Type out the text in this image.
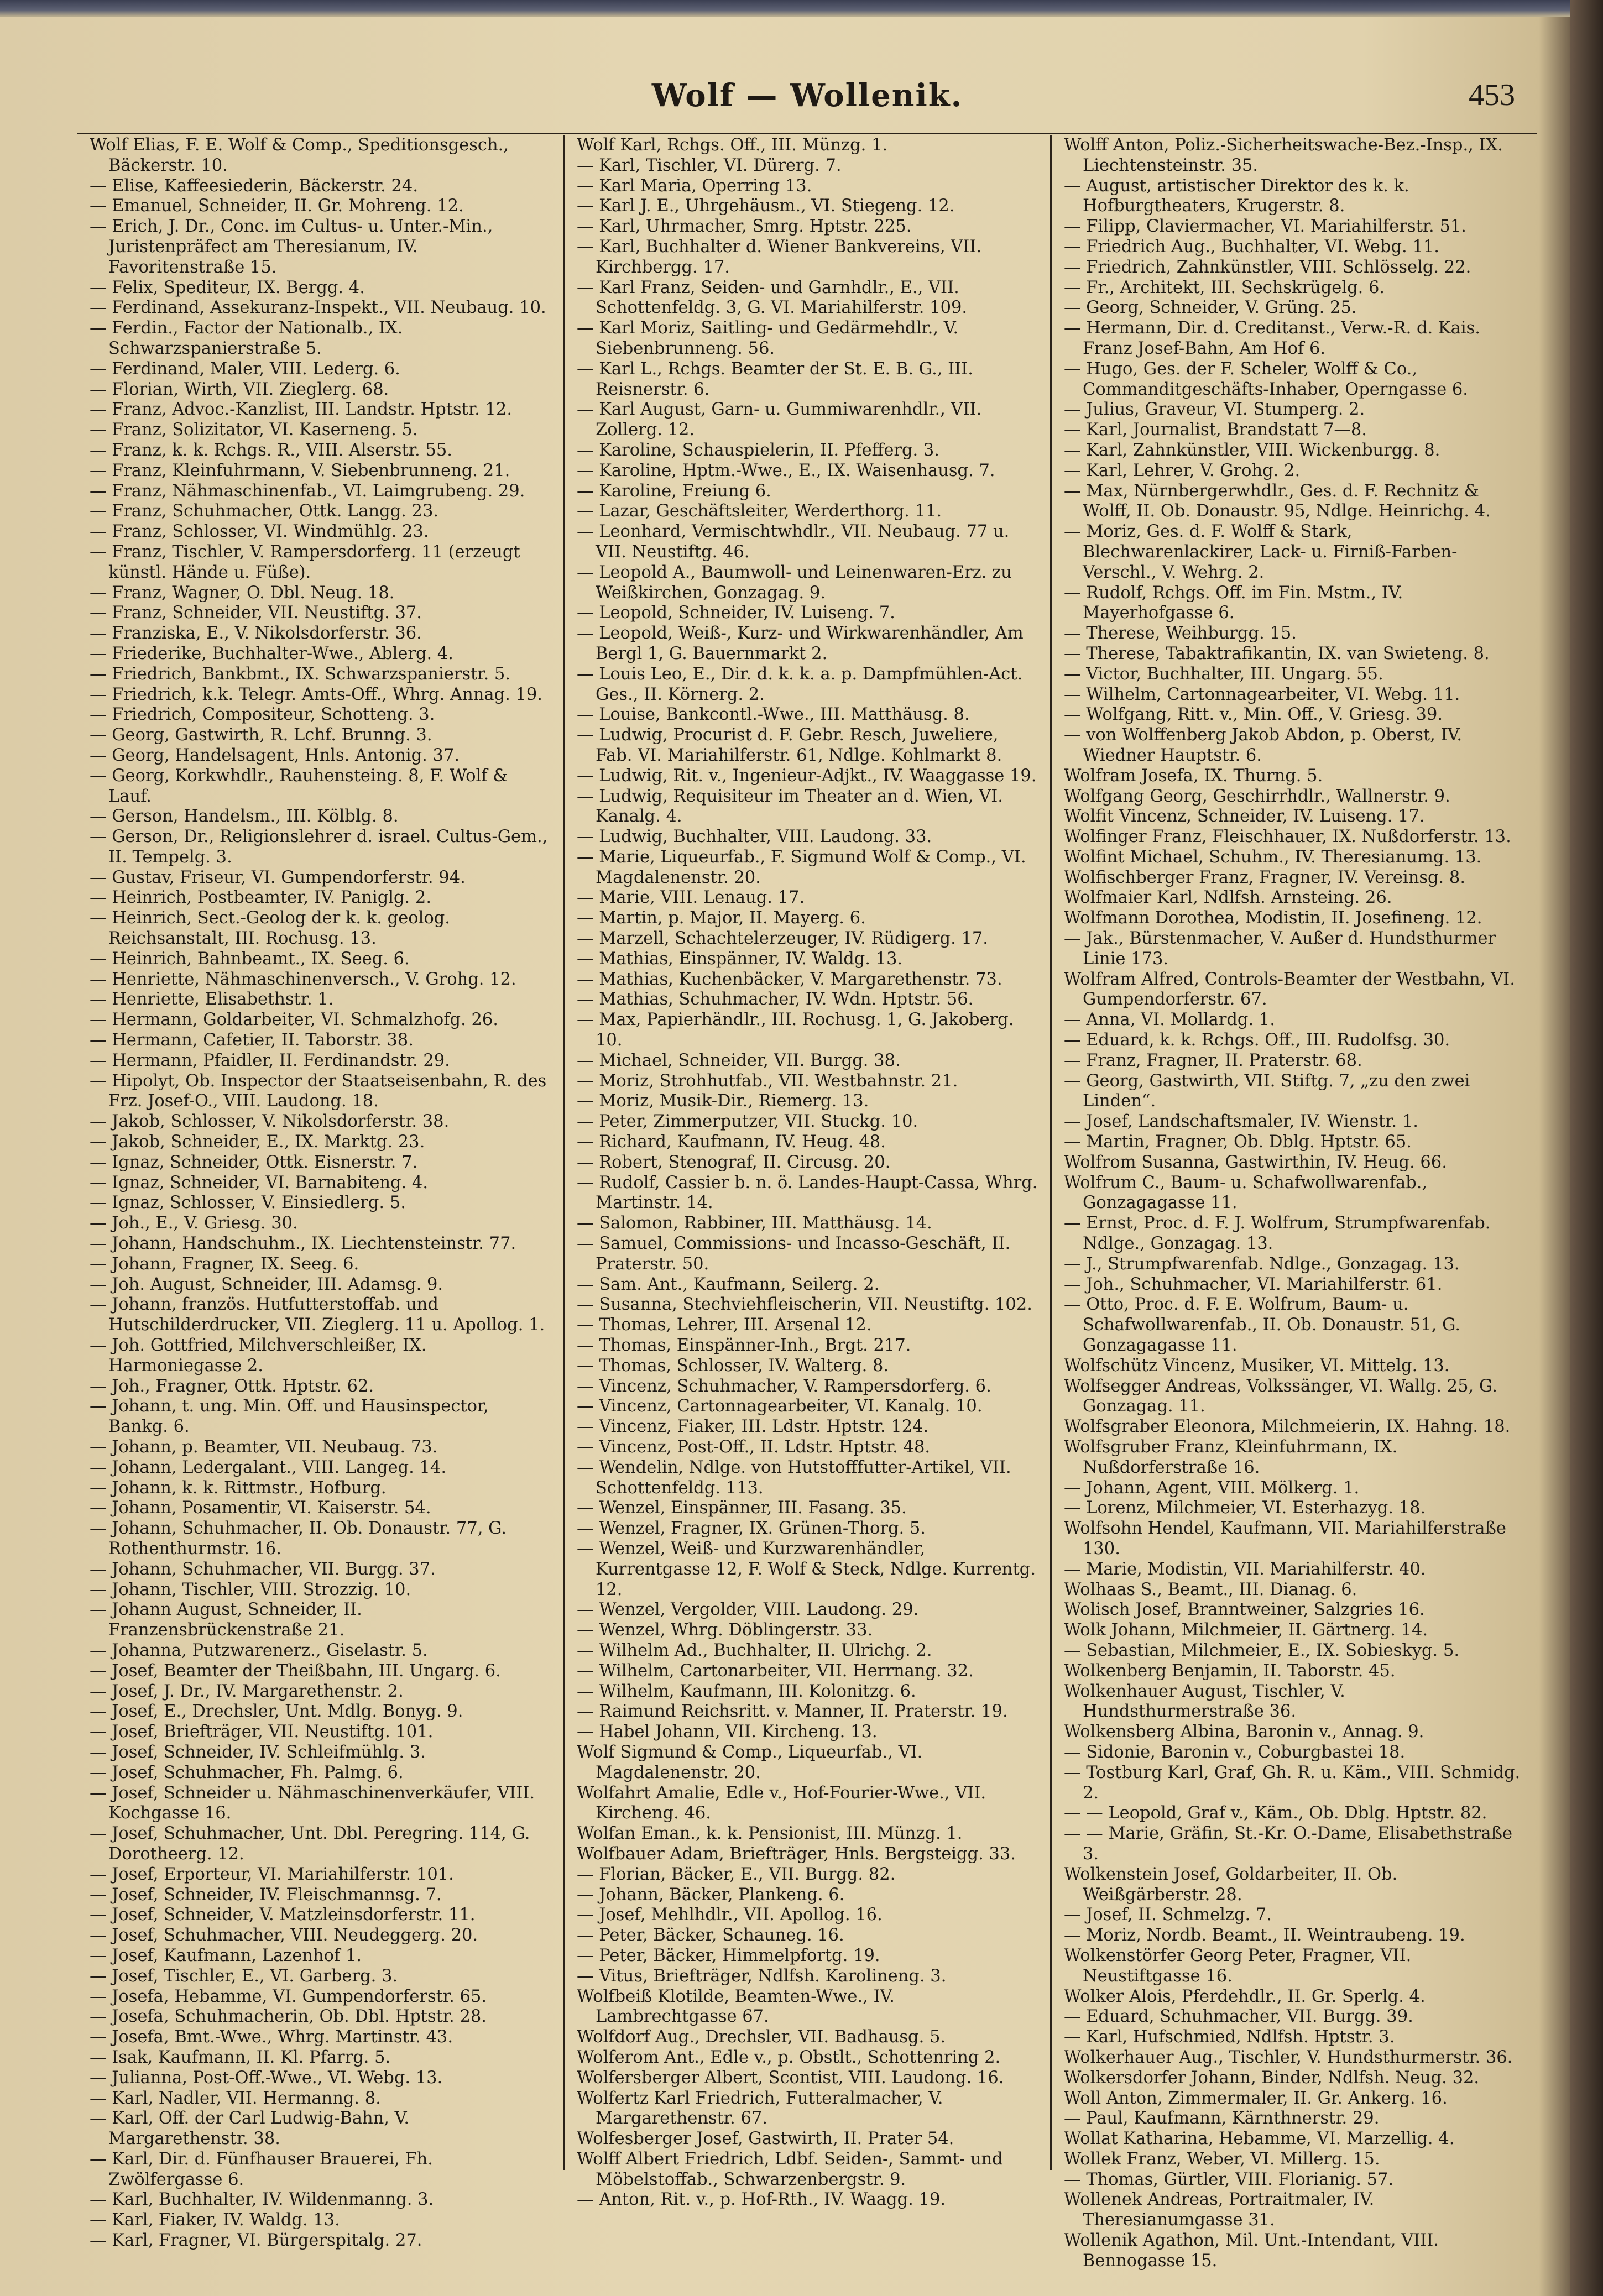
Wolf — Wollenik.	453
Wolf Elias, F. E. Wolf & Comp., Speditionsgesch., Bäckerstr. 10.
— Elise, Kaffeesiederin, Bäckerstr. 24.
— Emanuel, Schneider, II. Gr. Mohreng. 12.
— Erich, J. Dr., Conc. im Cultus- u. Unter.-Min., Juristenpräfect am Theresianum, IV. Favoritenstraße 15.
— Felix, Spediteur, IX. Bergg. 4.
— Ferdinand, Assekuranz-Inspekt., VII. Neubaug. 10.
— Ferdin., Factor der Nationalb., IX. Schwarzspanierstraße 5.
— Ferdinand, Maler, VIII. Lederg. 6.
— Florian, Wirth, VII. Zieglerg. 68.
— Franz, Advoc.-Kanzlist, III. Landstr. Hptstr. 12.
— Franz, Solizitator, VI. Kaserneng. 5.
— Franz, k. k. Rchgs. R., VIII. Alserstr. 55.
— Franz, Kleinfuhrmann, V. Siebenbrunneng. 21.
— Franz, Nähmaschinenfab., VI. Laimgrubeng. 29.
— Franz, Schuhmacher, Ottk. Langg. 23.
— Franz, Schlosser, VI. Windmühlg. 23.
— Franz, Tischler, V. Rampersdorferg. 11 (erzeugt künstl. Hände u. Füße).
— Franz, Wagner, O. Dbl. Neug. 18.
— Franz, Schneider, VII. Neustiftg. 37.
— Franziska, E., V. Nikolsdorferstr. 36.
— Friederike, Buchhalter-Wwe., Ablerg. 4.
— Friedrich, Bankbmt., IX. Schwarzspanierstr. 5.
— Friedrich, k.k. Telegr. Amts-Off., Whrg. Annag. 19.
— Friedrich, Compositeur, Schotteng. 3.
— Georg, Gastwirth, R. Lchf. Brunng. 3.
— Georg, Handelsagent, Hnls. Antonig. 37.
— Georg, Korkwhdlr., Rauhensteing. 8, F. Wolf & Lauf.
— Gerson, Handelsm., III. Kölblg. 8.
— Gerson, Dr., Religionslehrer d. israel. Cultus-Gem., II. Tempelg. 3.
— Gustav, Friseur, VI. Gumpendorferstr. 94.
— Heinrich, Postbeamter, IV. Paniglg. 2.
— Heinrich, Sect.-Geolog der k. k. geolog. Reichsanstalt, III. Rochusg. 13.
— Heinrich, Bahnbeamt., IX. Seeg. 6.
— Henriette, Nähmaschinenversch., V. Grohg. 12.
— Henriette, Elisabethstr. 1.
— Hermann, Goldarbeiter, VI. Schmalzhofg. 26.
— Hermann, Cafetier, II. Taborstr. 38.
— Hermann, Pfaidler, II. Ferdinandstr. 29.
— Hipolyt, Ob. Inspector der Staatseisenbahn, R. des Frz. Josef-O., VIII. Laudong. 18.
— Jakob, Schlosser, V. Nikolsdorferstr. 38.
— Jakob, Schneider, E., IX. Marktg. 23.
— Ignaz, Schneider, Ottk. Eisnerstr. 7.
— Ignaz, Schneider, VI. Barnabiteng. 4.
— Ignaz, Schlosser, V. Einsiedlerg. 5.
— Joh., E., V. Griesg. 30.
— Johann, Handschuhm., IX. Liechtensteinstr. 77.
— Johann, Fragner, IX. Seeg. 6.
— Joh. August, Schneider, III. Adamsg. 9.
— Johann, französ. Hutfutterstoffab. und Hutschilderdrucker, VII. Zieglerg. 11 u. Apollog. 1.
— Joh. Gottfried, Milchverschleißer, IX. Harmoniegasse 2.
— Joh., Fragner, Ottk. Hptstr. 62.
— Johann, t. ung. Min. Off. und Hausinspector, Bankg. 6.
— Johann, p. Beamter, VII. Neubaug. 73.
— Johann, Ledergalant., VIII. Langeg. 14.
— Johann, k. k. Rittmstr., Hofburg.
— Johann, Posamentir, VI. Kaiserstr. 54.
— Johann, Schuhmacher, II. Ob. Donaustr. 77, G. Rothenthurmstr. 16.
— Johann, Schuhmacher, VII. Burgg. 37.
— Johann, Tischler, VIII. Strozzig. 10.
— Johann August, Schneider, II. Franzensbrückenstraße 21.
— Johanna, Putzwarenerz., Giselastr. 5.
— Josef, Beamter der Theißbahn, III. Ungarg. 6.
— Josef, J. Dr., IV. Margarethenstr. 2.
— Josef, E., Drechsler, Unt. Mdlg. Bonyg. 9.
— Josef, Briefträger, VII. Neustiftg. 101.
— Josef, Schneider, IV. Schleifmühlg. 3.
— Josef, Schuhmacher, Fh. Palmg. 6.
— Josef, Schneider u. Nähmaschinenverkäufer, VIII. Kochgasse 16.
— Josef, Schuhmacher, Unt. Dbl. Peregring. 114, G. Dorotheerg. 12.
— Josef, Erporteur, VI. Mariahilferstr. 101.
— Josef, Schneider, IV. Fleischmannsg. 7.
— Josef, Schneider, V. Matzleinsdorferstr. 11.
— Josef, Schuhmacher, VIII. Neudeggerg. 20.
— Josef, Kaufmann, Lazenhof 1.
— Josef, Tischler, E., VI. Garberg. 3.
— Josefa, Hebamme, VI. Gumpendorferstr. 65.
— Josefa, Schuhmacherin, Ob. Dbl. Hptstr. 28.
— Josefa, Bmt.-Wwe., Whrg. Martinstr. 43.
— Isak, Kaufmann, II. Kl. Pfarrg. 5.
— Julianna, Post-Off.-Wwe., VI. Webg. 13.
— Karl, Nadler, VII. Hermanng. 8.
— Karl, Off. der Carl Ludwig-Bahn, V. Margarethenstr. 38.
— Karl, Dir. d. Fünfhauser Brauerei, Fh. Zwölfergasse 6.
— Karl, Buchhalter, IV. Wildenmanng. 3.
— Karl, Fiaker, IV. Waldg. 13.
— Karl, Fragner, VI. Bürgerspitalg. 27.
Wolf Karl, Rchgs. Off., III. Münzg. 1.
— Karl, Tischler, VI. Dürerg. 7.
— Karl Maria, Operring 13.
— Karl J. E., Uhrgehäusm., VI. Stiegeng. 12.
— Karl, Uhrmacher, Smrg. Hptstr. 225.
— Karl, Buchhalter d. Wiener Bankvereins, VII. Kirchbergg. 17.
— Karl Franz, Seiden- und Garnhdlr., E., VII. Schottenfeldg. 3, G. VI. Mariahilferstr. 109.
— Karl Moriz, Saitling- und Gedärmehdlr., V. Siebenbrunneng. 56.
— Karl L., Rchgs. Beamter der St. E. B. G., III. Reisnerstr. 6.
— Karl August, Garn- u. Gummiwarenhdlr., VII. Zollerg. 12.
— Karoline, Schauspielerin, II. Pfefferg. 3.
— Karoline, Hptm.-Wwe., E., IX. Waisenhausg. 7.
— Karoline, Freiung 6.
— Lazar, Geschäftsleiter, Werderthorg. 11.
— Leonhard, Vermischtwhdlr., VII. Neubaug. 77 u. VII. Neustiftg. 46.
— Leopold A., Baumwoll- und Leinenwaren-Erz. zu Weißkirchen, Gonzagag. 9.
— Leopold, Schneider, IV. Luiseng. 7.
— Leopold, Weiß-, Kurz- und Wirkwarenhändler, Am Bergl 1, G. Bauernmarkt 2.
— Louis Leo, E., Dir. d. k. k. a. p. Dampfmühlen-Act. Ges., II. Körnerg. 2.
— Louise, Bankcontl.-Wwe., III. Matthäusg. 8.
— Ludwig, Procurist d. F. Gebr. Resch, Juweliere, Fab. VI. Mariahilferstr. 61, Ndlge. Kohlmarkt 8.
— Ludwig, Rit. v., Ingenieur-Adjkt., IV. Waaggasse 19.
— Ludwig, Requisiteur im Theater an d. Wien, VI. Kanalg. 4.
— Ludwig, Buchhalter, VIII. Laudong. 33.
— Marie, Liqueurfab., F. Sigmund Wolf & Comp., VI. Magdalenenstr. 20.
— Marie, VIII. Lenaug. 17.
— Martin, p. Major, II. Mayerg. 6.
— Marzell, Schachtelerzeuger, IV. Rüdigerg. 17.
— Mathias, Einspänner, IV. Waldg. 13.
— Mathias, Kuchenbäcker, V. Margarethenstr. 73.
— Mathias, Schuhmacher, IV. Wdn. Hptstr. 56.
— Max, Papierhändlr., III. Rochusg. 1, G. Jakoberg. 10.
— Michael, Schneider, VII. Burgg. 38.
— Moriz, Strohhutfab., VII. Westbahnstr. 21.
— Moriz, Musik-Dir., Riemerg. 13.
— Peter, Zimmerputzer, VII. Stuckg. 10.
— Richard, Kaufmann, IV. Heug. 48.
— Robert, Stenograf, II. Circusg. 20.
— Rudolf, Cassier b. n. ö. Landes-Haupt-Cassa, Whrg. Martinstr. 14.
— Salomon, Rabbiner, III. Matthäusg. 14.
— Samuel, Commissions- und Incasso-Geschäft, II. Praterstr. 50.
— Sam. Ant., Kaufmann, Seilerg. 2.
— Susanna, Stechviehfleischerin, VII. Neustiftg. 102.
— Thomas, Lehrer, III. Arsenal 12.
— Thomas, Einspänner-Inh., Brgt. 217.
— Thomas, Schlosser, IV. Walterg. 8.
— Vincenz, Schuhmacher, V. Rampersdorferg. 6.
— Vincenz, Cartonnagearbeiter, VI. Kanalg. 10.
— Vincenz, Fiaker, III. Ldstr. Hptstr. 124.
— Vincenz, Post-Off., II. Ldstr. Hptstr. 48.
— Wendelin, Ndlge. von Hutstofffutter-Artikel, VII. Schottenfeldg. 113.
— Wenzel, Einspänner, III. Fasang. 35.
— Wenzel, Fragner, IX. Grünen-Thorg. 5.
— Wenzel, Weiß- und Kurzwarenhändler, Kurrentgasse 12, F. Wolf & Steck, Ndlge. Kurrentg. 12.
— Wenzel, Vergolder, VIII. Laudong. 29.
— Wenzel, Whrg. Döblingerstr. 33.
— Wilhelm Ad., Buchhalter, II. Ulrichg. 2.
— Wilhelm, Cartonarbeiter, VII. Herrnang. 32.
— Wilhelm, Kaufmann, III. Kolonitzg. 6.
— Raimund Reichsritt. v. Manner, II. Praterstr. 19.
— Habel Johann, VII. Kircheng. 13.
Wolf Sigmund & Comp., Liqueurfab., VI. Magdalenenstr. 20.
Wolfahrt Amalie, Edle v., Hof-Fourier-Wwe., VII. Kircheng. 46.
Wolfan Eman., k. k. Pensionist, III. Münzg. 1.
Wolfbauer Adam, Briefträger, Hnls. Bergsteigg. 33.
— Florian, Bäcker, E., VII. Burgg. 82.
— Johann, Bäcker, Plankeng. 6.
— Josef, Mehlhdlr., VII. Apollog. 16.
— Peter, Bäcker, Schauneg. 16.
— Peter, Bäcker, Himmelpfortg. 19.
— Vitus, Briefträger, Ndlfsh. Karolineng. 3.
Wolfbeiß Klotilde, Beamten-Wwe., IV. Lambrechtgasse 67.
Wolfdorf Aug., Drechsler, VII. Badhausg. 5.
Wolferom Ant., Edle v., p. Obstlt., Schottenring 2.
Wolfersberger Albert, Scontist, VIII. Laudong. 16.
Wolfertz Karl Friedrich, Futteralmacher, V. Margarethenstr. 67.
Wolfesberger Josef, Gastwirth, II. Prater 54.
Wolff Albert Friedrich, Ldbf. Seiden-, Sammt- und Möbelstoffab., Schwarzenbergstr. 9.
— Anton, Rit. v., p. Hof-Rth., IV. Waagg. 19.
Wolff Anton, Poliz.-Sicherheitswache-Bez.-Insp., IX. Liechtensteinstr. 35.
— August, artistischer Direktor des k. k. Hofburgtheaters, Krugerstr. 8.
— Filipp, Claviermacher, VI. Mariahilferstr. 51.
— Friedrich Aug., Buchhalter, VI. Webg. 11.
— Friedrich, Zahnkünstler, VIII. Schlösselg. 22.
— Fr., Architekt, III. Sechskrügelg. 6.
— Georg, Schneider, V. Grüng. 25.
— Hermann, Dir. d. Creditanst., Verw.-R. d. Kais. Franz Josef-Bahn, Am Hof 6.
— Hugo, Ges. der F. Scheler, Wolff & Co., Commanditgeschäfts-Inhaber, Operngasse 6.
— Julius, Graveur, VI. Stumperg. 2.
— Karl, Journalist, Brandstatt 7—8.
— Karl, Zahnkünstler, VIII. Wickenburgg. 8.
— Karl, Lehrer, V. Grohg. 2.
— Max, Nürnbergerwhdlr., Ges. d. F. Rechnitz & Wolff, II. Ob. Donaustr. 95, Ndlge. Heinrichg. 4.
— Moriz, Ges. d. F. Wolff & Stark, Blechwarenlackirer, Lack- u. Firniß-Farben-Verschl., V. Wehrg. 2.
— Rudolf, Rchgs. Off. im Fin. Mstm., IV. Mayerhofgasse 6.
— Therese, Weihburgg. 15.
— Therese, Tabaktrafikantin, IX. van Swieteng. 8.
— Victor, Buchhalter, III. Ungarg. 55.
— Wilhelm, Cartonnagearbeiter, VI. Webg. 11.
— Wolfgang, Ritt. v., Min. Off., V. Griesg. 39.
— von Wolffenberg Jakob Abdon, p. Oberst, IV. Wiedner Hauptstr. 6.
Wolfram Josefa, IX. Thurng. 5.
Wolfgang Georg, Geschirrhdlr., Wallnerstr. 9.
Wolfit Vincenz, Schneider, IV. Luiseng. 17.
Wolfinger Franz, Fleischhauer, IX. Nußdorferstr. 13.
Wolfint Michael, Schuhm., IV. Theresianumg. 13.
Wolfischberger Franz, Fragner, IV. Vereinsg. 8.
Wolfmaier Karl, Ndlfsh. Arnsteing. 26.
Wolfmann Dorothea, Modistin, II. Josefineng. 12.
— Jak., Bürstenmacher, V. Außer d. Hundsthurmer Linie 173.
Wolfram Alfred, Controls-Beamter der Westbahn, VI. Gumpendorferstr. 67.
— Anna, VI. Mollardg. 1.
— Eduard, k. k. Rchgs. Off., III. Rudolfsg. 30.
— Franz, Fragner, II. Praterstr. 68.
— Georg, Gastwirth, VII. Stiftg. 7, „zu den zwei Linden“.
— Josef, Landschaftsmaler, IV. Wienstr. 1.
— Martin, Fragner, Ob. Dblg. Hptstr. 65.
Wolfrom Susanna, Gastwirthin, IV. Heug. 66.
Wolfrum C., Baum- u. Schafwollwarenfab., Gonzagagasse 11.
— Ernst, Proc. d. F. J. Wolfrum, Strumpfwarenfab. Ndlge., Gonzagag. 13.
— J., Strumpfwarenfab. Ndlge., Gonzagag. 13.
— Joh., Schuhmacher, VI. Mariahilferstr. 61.
— Otto, Proc. d. F. E. Wolfrum, Baum- u. Schafwollwarenfab., II. Ob. Donaustr. 51, G. Gonzagagasse 11.
Wolfschütz Vincenz, Musiker, VI. Mittelg. 13.
Wolfsegger Andreas, Volkssänger, VI. Wallg. 25, G. Gonzagag. 11.
Wolfsgraber Eleonora, Milchmeierin, IX. Hahng. 18.
Wolfsgruber Franz, Kleinfuhrmann, IX. Nußdorferstraße 16.
— Johann, Agent, VIII. Mölkerg. 1.
— Lorenz, Milchmeier, VI. Esterhazyg. 18.
Wolfsohn Hendel, Kaufmann, VII. Mariahilferstraße 130.
— Marie, Modistin, VII. Mariahilferstr. 40.
Wolhaas S., Beamt., III. Dianag. 6.
Wolisch Josef, Branntweiner, Salzgries 16.
Wolk Johann, Milchmeier, II. Gärtnerg. 14.
— Sebastian, Milchmeier, E., IX. Sobieskyg. 5.
Wolkenberg Benjamin, II. Taborstr. 45.
Wolkenhauer August, Tischler, V. Hundsthurmerstraße 36.
Wolkensberg Albina, Baronin v., Annag. 9.
— Sidonie, Baronin v., Coburgbastei 18.
— Tostburg Karl, Graf, Gh. R. u. Käm., VIII. Schmidg. 2.
— — Leopold, Graf v., Käm., Ob. Dblg. Hptstr. 82.
— — Marie, Gräfin, St.-Kr. O.-Dame, Elisabethstraße 3.
Wolkenstein Josef, Goldarbeiter, II. Ob. Weißgärberstr. 28.
— Josef, II. Schmelzg. 7.
— Moriz, Nordb. Beamt., II. Weintraubeng. 19.
Wolkenstörfer Georg Peter, Fragner, VII. Neustiftgasse 16.
Wolker Alois, Pferdehdlr., II. Gr. Sperlg. 4.
— Eduard, Schuhmacher, VII. Burgg. 39.
— Karl, Hufschmied, Ndlfsh. Hptstr. 3.
Wolkerhauer Aug., Tischler, V. Hundsthurmerstr. 36.
Wolkersdorfer Johann, Binder, Ndlfsh. Neug. 32.
Woll Anton, Zimmermaler, II. Gr. Ankerg. 16.
— Paul, Kaufmann, Kärnthnerstr. 29.
Wollat Katharina, Hebamme, VI. Marzellig. 4.
Wollek Franz, Weber, VI. Millerg. 15.
— Thomas, Gürtler, VIII. Florianig. 57.
Wollenek Andreas, Portraitmaler, IV. Theresianumgasse 31.
Wollenik Agathon, Mil. Unt.-Intendant, VIII. Bennogasse 15.
